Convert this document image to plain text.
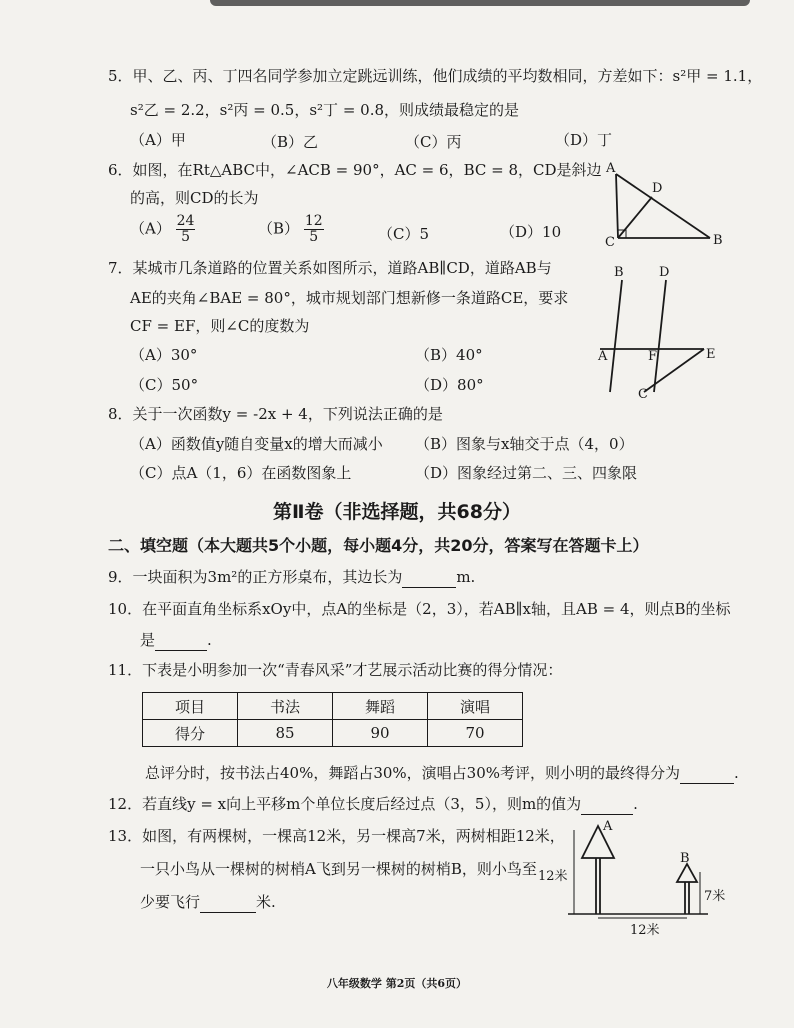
5．甲、乙、丙、丁四名同学参加立定跳远训练，他们成绩的平均数相同，方差如下：s²甲 = 1.1，
s²乙 = 2.2，s²丙 = 0.5，s²丁 = 0.8，则成绩最稳定的是
（A）甲	（B）乙	（C）丙	（D）丁
6．如图，在Rt△ABC中，∠ACB = 90°，AC = 6，BC = 8，CD是斜边
的高，则CD的长为
$(A) \frac{24}{5}$	$(B) \frac{12}{5}$	（C）5	（D）10
A
D
C	B
7．某城市几条道路的位置关系如图所示，道路AB∥CD，道路AB与
AE的夹角∠BAE = 80°，城市规划部门想新修一条道路CE，要求
CF = EF，则∠C的度数为
（A）30°	（B）40°
（C）50°	（D）80°
B	D
A	F	E
C
8．关于一次函数y = -2x + 4，下列说法正确的是
（A）函数值y随自变量x的增大而减小 （B）图象与x轴交于点（4，0）
（C）点A（1，6）在函数图象上	（D）图象经过第二、三、四象限
第Ⅱ卷（非选择题，共68分）
二、填空题（本大题共5个小题，每小题4分，共20分，答案写在答题卡上）
9．一块面积为3m²的正方形桌布，其边长为	m.
10．在平面直角坐标系xOy中，点A的坐标是（2，3），若AB∥x轴，且AB = 4，则点B的坐标
是	.
11．下表是小明参加一次“青春风采”才艺展示活动比赛的得分情况：
项目	书法	舞蹈	演唱
得分	85	90	70
总评分时，按书法占40%，舞蹈占30%，演唱占30%考评，则小明的最终得分为	.
12．若直线y = x向上平移m个单位长度后经过点（3，5），则m的值为	.
13．如图，有两棵树，一棵高12米，另一棵高7米，两树相距12米，
一只小鸟从一棵树的树梢A飞到另一棵树的树梢B，则小鸟至
少要飞行	米.
A
B
12米
7米
12米
八年级数学 第2页（共6页）
